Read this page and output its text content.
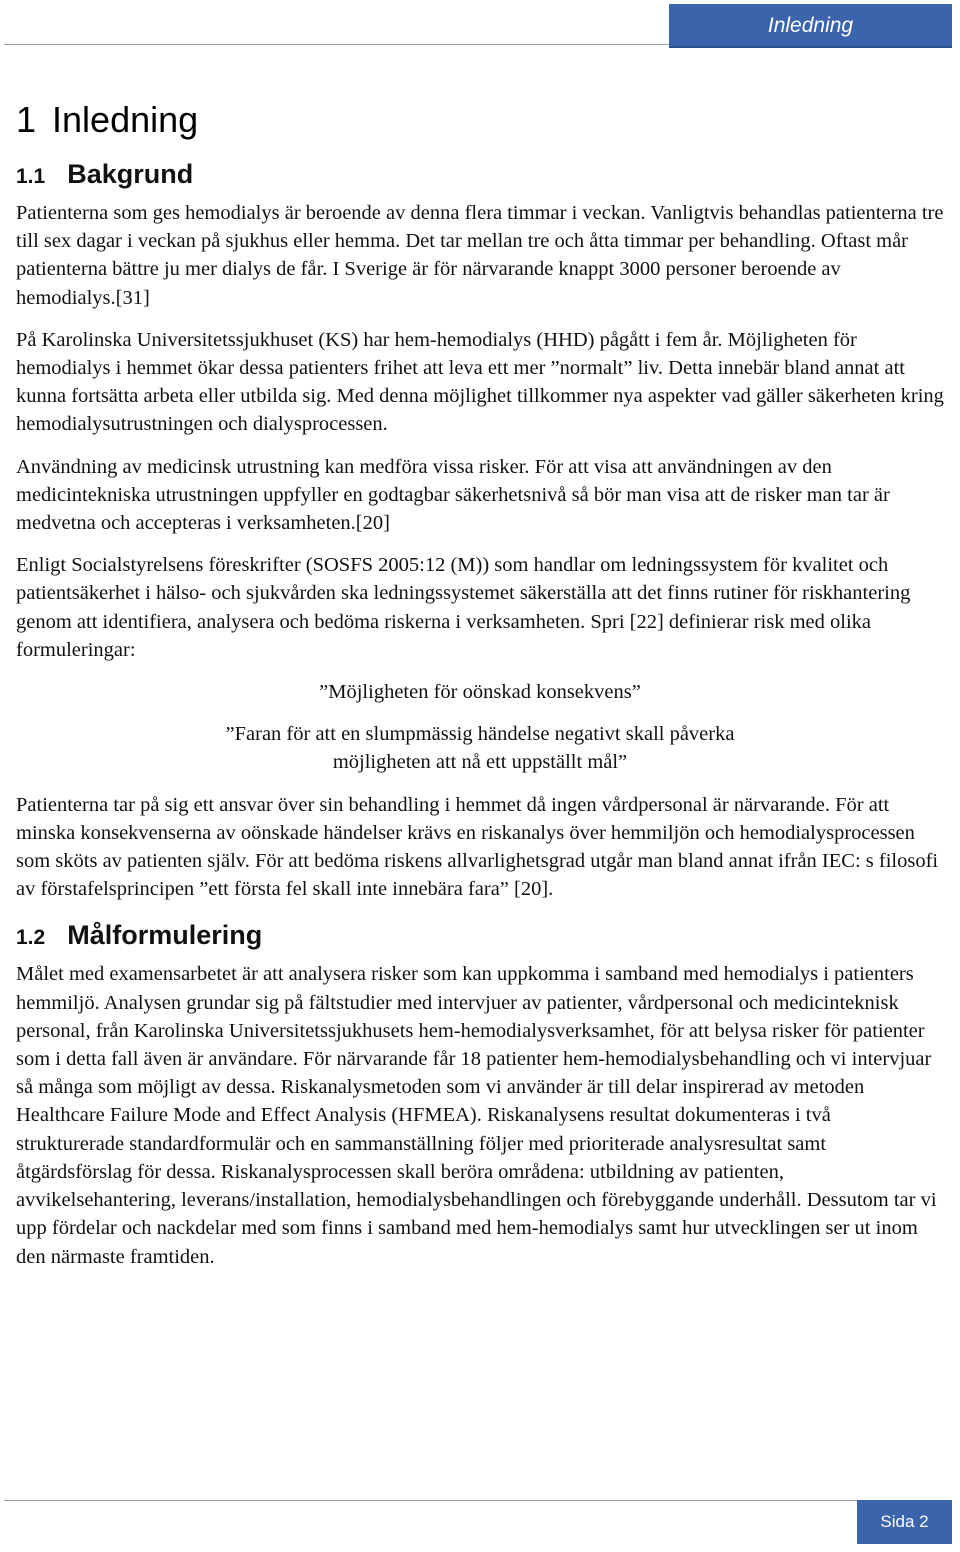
Inledning
1 Inledning
1.1 Bakgrund

Patienterna som ges hemodialys är beroende av denna flera timmar i veckan. Vanligtvis behandlas patienterna tre till sex dagar i veckan på sjukhus eller hemma. Det tar mellan tre och åtta timmar per behandling. Oftast mår patienterna bättre ju mer dialys de får. I Sverige är för närvarande knappt 3000 personer beroende av hemodialys.[31]

På Karolinska Universitetssjukhuset (KS) har hem-hemodialys (HHD) pågått i fem år. Möjligheten för hemodialys i hemmet ökar dessa patienters frihet att leva ett mer ”normalt” liv. Detta innebär bland annat att kunna fortsätta arbeta eller utbilda sig. Med denna möjlighet tillkommer nya aspekter vad gäller säkerheten kring hemodialysutrustningen och dialysprocessen.

Användning av medicinsk utrustning kan medföra vissa risker. För att visa att användningen av den medicintekniska utrustningen uppfyller en godtagbar säkerhetsnivå så bör man visa att de risker man tar är medvetna och accepteras i verksamheten.[20]

Enligt Socialstyrelsens föreskrifter (SOSFS 2005:12 (M)) som handlar om ledningssystem för kvalitet och patientsäkerhet i hälso- och sjukvården ska ledningssystemet säkerställa att det finns rutiner för riskhantering genom att identifiera, analysera och bedöma riskerna i verksamheten. Spri [22] definierar risk med olika formuleringar:

”Möjligheten för oönskad konsekvens”
”Faran för att en slumpmässig händelse negativt skall påverka
möjligheten att nå ett uppställt mål”

Patienterna tar på sig ett ansvar över sin behandling i hemmet då ingen vårdpersonal är närvarande. För att minska konsekvenserna av oönskade händelser krävs en riskanalys över hemmiljön och hemodialysprocessen som sköts av patienten själv. För att bedöma riskens allvarlighetsgrad utgår man bland annat ifrån IEC: s filosofi av förstafelsprincipen ”ett första fel skall inte innebära fara” [20].

1.2 Målformulering

Målet med examensarbetet är att analysera risker som kan uppkomma i samband med hemodialys i patienters hemmiljö. Analysen grundar sig på fältstudier med intervjuer av patienter, vårdpersonal och medicinteknisk personal, från Karolinska Universitetssjukhusets hem-hemodialysverksamhet, för att belysa risker för patienter som i detta fall även är användare. För närvarande får 18 patienter hem-hemodialysbehandling och vi intervjuar så många som möjligt av dessa. Riskanalysmetoden som vi använder är till delar inspirerad av metoden Healthcare Failure Mode and Effect Analysis (HFMEA). Riskanalysens resultat dokumenteras i två strukturerade standardformulär och en sammanställning följer med prioriterade analysresultat samt åtgärdsförslag för dessa. Riskanalysprocessen skall beröra områdena: utbildning av patienten, avvikelsehantering, leverans/installation, hemodialysbehandlingen och förebyggande underhåll. Dessutom tar vi upp fördelar och nackdelar med som finns i samband med hem-hemodialys samt hur utvecklingen ser ut inom den närmaste framtiden.

Sida 2
